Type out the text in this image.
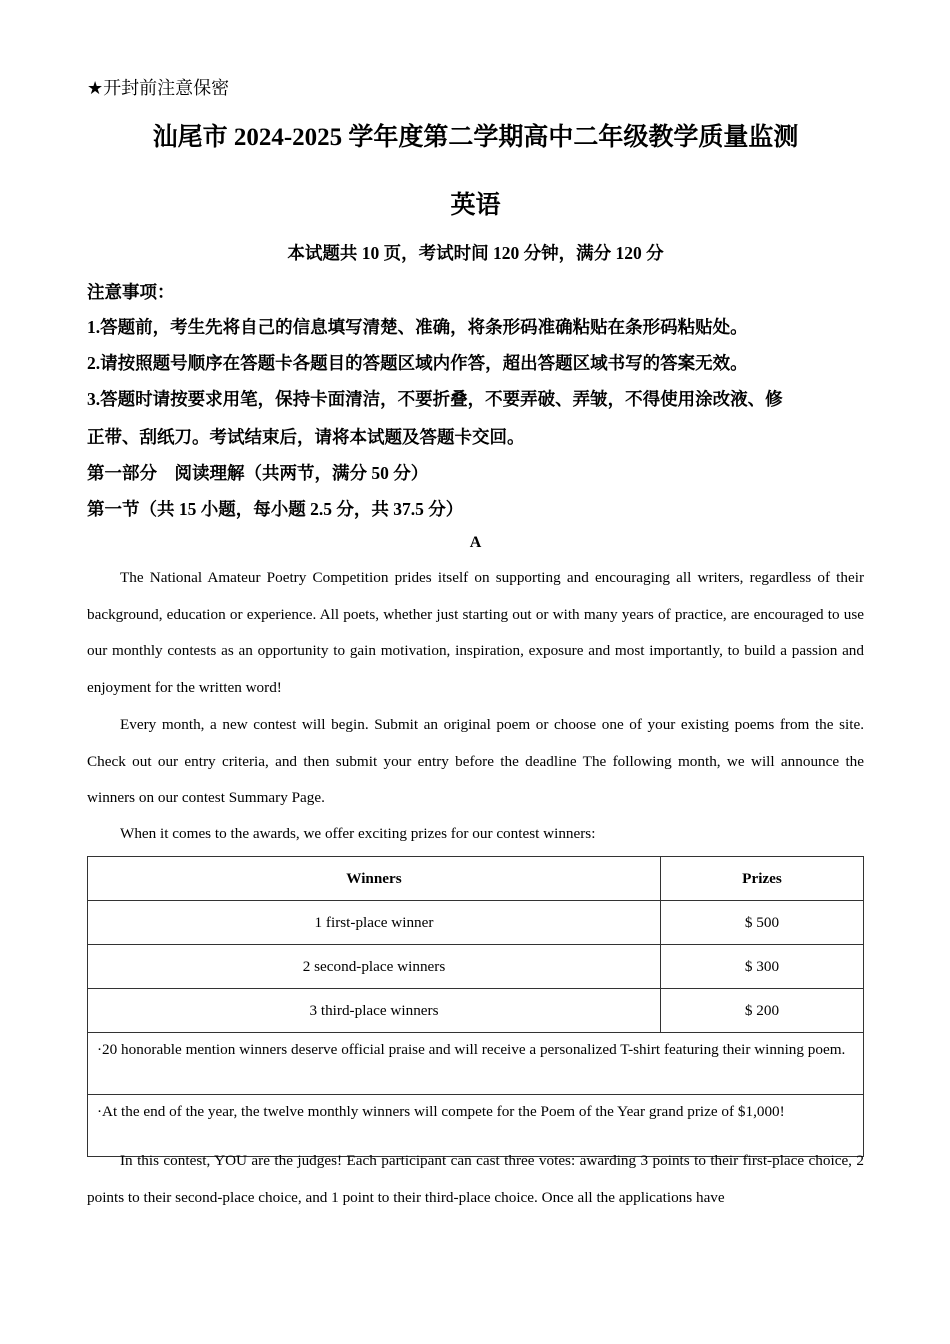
★开封前注意保密
汕尾市 2024-2025 学年度第二学期高中二年级教学质量监测
英语
本试题共 10 页，考试时间 120 分钟，满分 120 分
注意事项：
1.答题前，考生先将自己的信息填写清楚、准确，将条形码准确粘贴在条形码粘贴处。
2.请按照题号顺序在答题卡各题目的答题区域内作答，超出答题区域书写的答案无效。
3.答题时请按要求用笔，保持卡面清洁，不要折叠，不要弄破、弄皱，不得使用涂改液、修
正带、刮纸刀。考试结束后，请将本试题及答题卡交回。
第一部分　阅读理解（共两节，满分 50 分）
第一节（共 15 小题，每小题 2.5 分，共 37.5 分）
A
The National Amateur Poetry Competition prides itself on supporting and encouraging all writers, regardless of their background, education or experience. All poets, whether just starting out or with many years of practice, are encouraged to use our monthly contests as an opportunity to gain motivation, inspiration, exposure and most importantly, to build a passion and enjoyment for the written word!
Every month, a new contest will begin. Submit an original poem or choose one of your existing poems from the site. Check out our entry criteria, and then submit your entry before the deadline The following month, we will announce the winners on our contest Summary Page.
When it comes to the awards, we offer exciting prizes for our contest winners:
Winners	Prizes
1 first-place winner	$ 500
2 second-place winners	$ 300
3 third-place winners	$ 200
·20 honorable mention winners deserve official praise and will receive a personalized T-shirt featuring their winning poem.	
·At the end of the year, the twelve monthly winners will compete for the Poem of the Year grand prize of $1,000!	
In this contest, YOU are the judges! Each participant can cast three votes: awarding 3 points to their first-place choice, 2 points to their second-place choice, and 1 point to their third-place choice. Once all the applications have
